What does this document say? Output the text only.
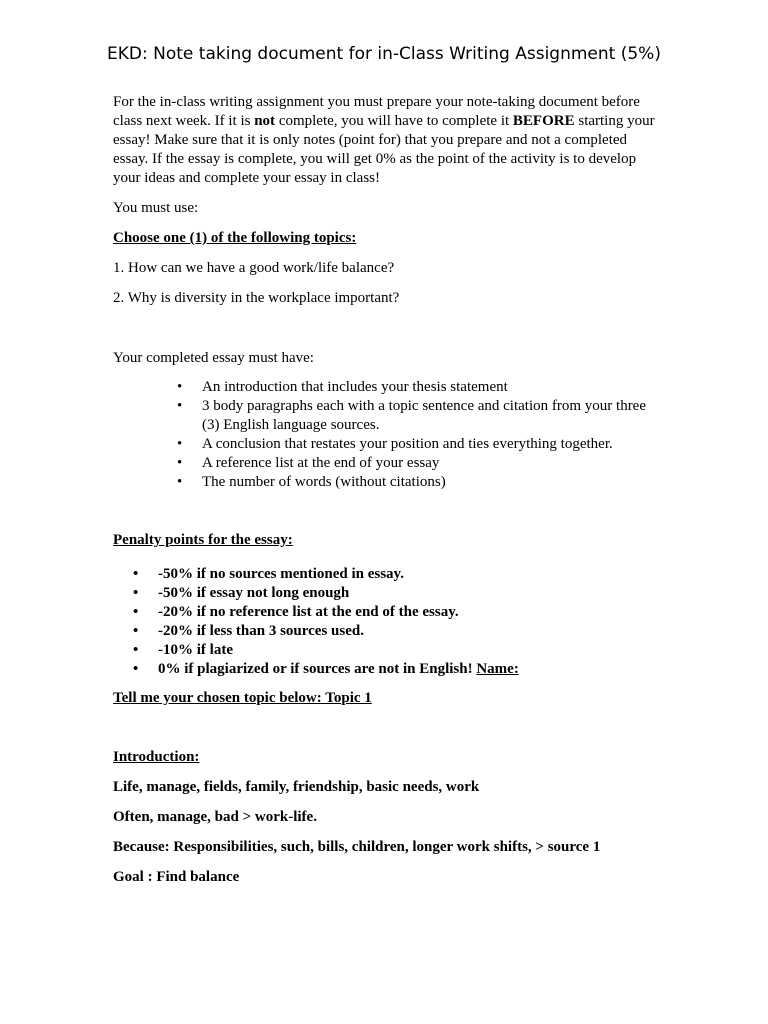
EKD: Note taking document for in-Class Writing Assignment (5%)

For the in-class writing assignment you must prepare your note-taking document before class next week. If it is not complete, you will have to complete it BEFORE starting your essay! Make sure that it is only notes (point for) that you prepare and not a completed essay. If the essay is complete, you will get 0% as the point of the activity is to develop your ideas and complete your essay in class!

You must use:

Choose one (1) of the following topics:

1. How can we have a good work/life balance?

2. Why is diversity in the workplace important?

Your completed essay must have:

• An introduction that includes your thesis statement
• 3 body paragraphs each with a topic sentence and citation from your three (3) English language sources.
• A conclusion that restates your position and ties everything together.
• A reference list at the end of your essay
• The number of words (without citations)

Penalty points for the essay:

• -50% if no sources mentioned in essay.
• -50% if essay not long enough
• -20% if no reference list at the end of the essay.
• -20% if less than 3 sources used.
• -10% if late
• 0% if plagiarized or if sources are not in English! Name:

Tell me your chosen topic below: Topic 1

Introduction:

Life, manage, fields, family, friendship, basic needs, work

Often, manage, bad > work-life.

Because: Responsibilities, such, bills, children, longer work shifts, > source 1

Goal : Find balance
